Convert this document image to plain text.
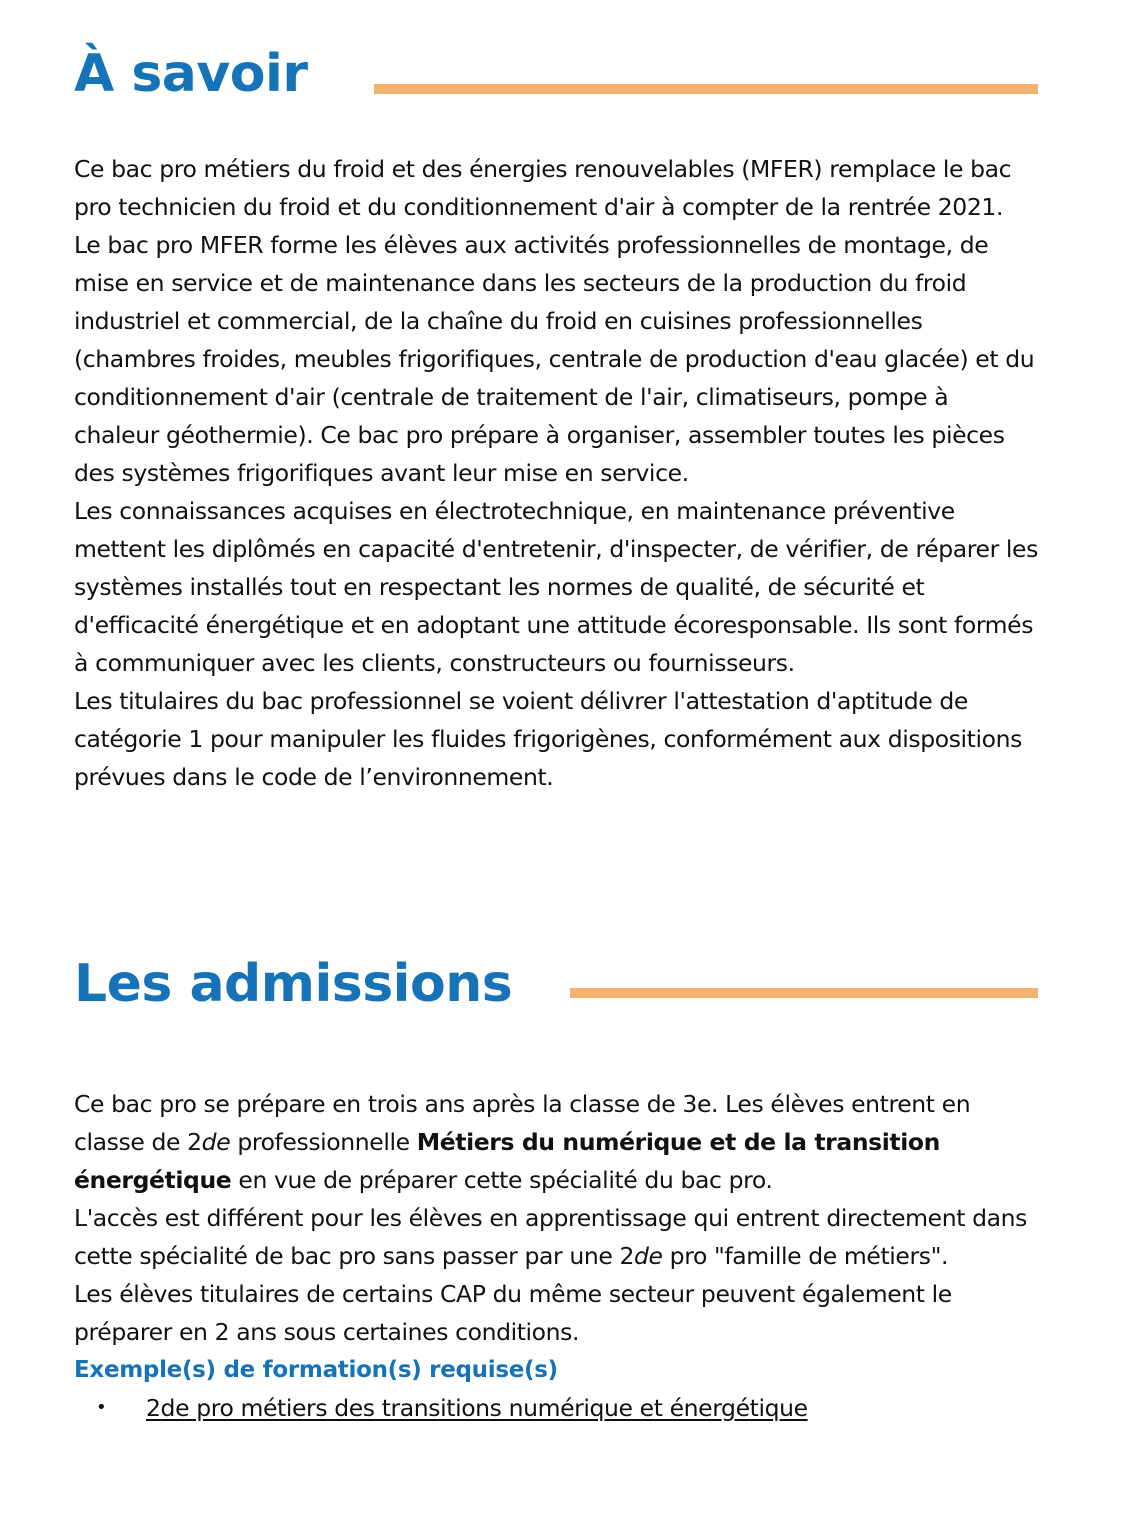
À savoir

Ce bac pro métiers du froid et des énergies renouvelables (MFER) remplace le bac pro technicien du froid et du conditionnement d'air à compter de la rentrée 2021.

Le bac pro MFER forme les élèves aux activités professionnelles de montage, de mise en service et de maintenance dans les secteurs de la production du froid industriel et commercial, de la chaîne du froid en cuisines professionnelles (chambres froides, meubles frigorifiques, centrale de production d'eau glacée) et du conditionnement d'air (centrale de traitement de l'air, climatiseurs, pompe à chaleur géothermie). Ce bac pro prépare à organiser, assembler toutes les pièces des systèmes frigorifiques avant leur mise en service.

Les connaissances acquises en électrotechnique, en maintenance préventive mettent les diplômés en capacité d'entretenir, d'inspecter, de vérifier, de réparer les systèmes installés tout en respectant les normes de qualité, de sécurité et d'efficacité énergétique et en adoptant une attitude écoresponsable. Ils sont formés à communiquer avec les clients, constructeurs ou fournisseurs.

Les titulaires du bac professionnel se voient délivrer l'attestation d'aptitude de catégorie 1 pour manipuler les fluides frigorigènes, conformément aux dispositions prévues dans le code de l’environnement.

Les admissions

Ce bac pro se prépare en trois ans après la classe de 3e. Les élèves entrent en classe de 2de professionnelle Métiers du numérique et de la transition énergétique en vue de préparer cette spécialité du bac pro.

L'accès est différent pour les élèves en apprentissage qui entrent directement dans cette spécialité de bac pro sans passer par une 2de pro "famille de métiers".

Les élèves titulaires de certains CAP du même secteur peuvent également le préparer en 2 ans sous certaines conditions.

Exemple(s) de formation(s) requise(s)

• 2de pro métiers des transitions numérique et énergétique
